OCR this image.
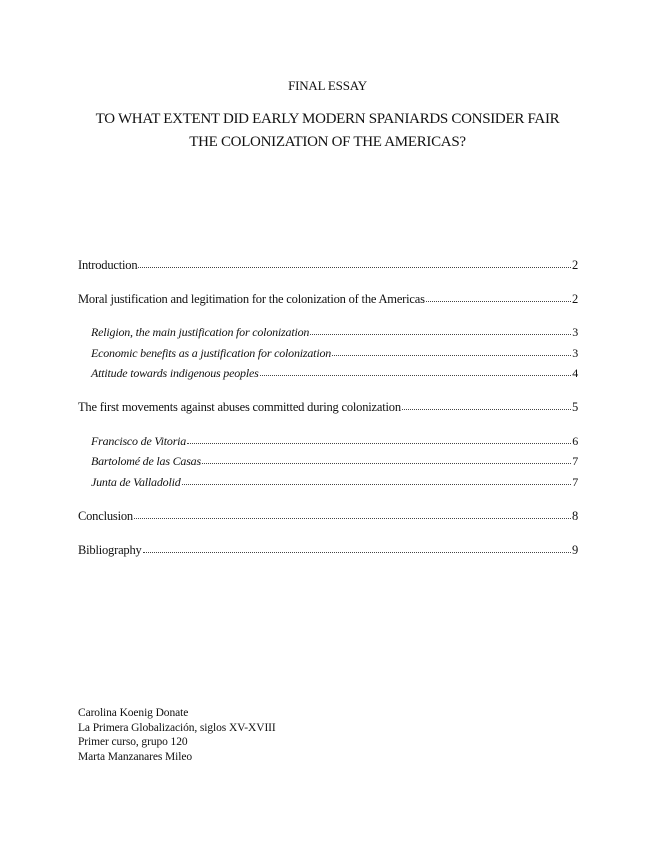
FINAL ESSAY
TO WHAT EXTENT DID EARLY MODERN SPANIARDS CONSIDER FAIR
THE COLONIZATION OF THE AMERICAS?
Introduction	2
Moral justification and legitimation for the colonization of the Americas	2
Religion, the main justification for colonization	3
Economic benefits as a justification for colonization	3
Attitude towards indigenous peoples	4
The first movements against abuses committed during colonization	5
Francisco de Vitoria	6
Bartolomé de las Casas	7
Junta de Valladolid	7
Conclusion	8
Bibliography	9
Carolina Koenig Donate
La Primera Globalización, siglos XV-XVIII
Primer curso, grupo 120
Marta Manzanares Mileo
